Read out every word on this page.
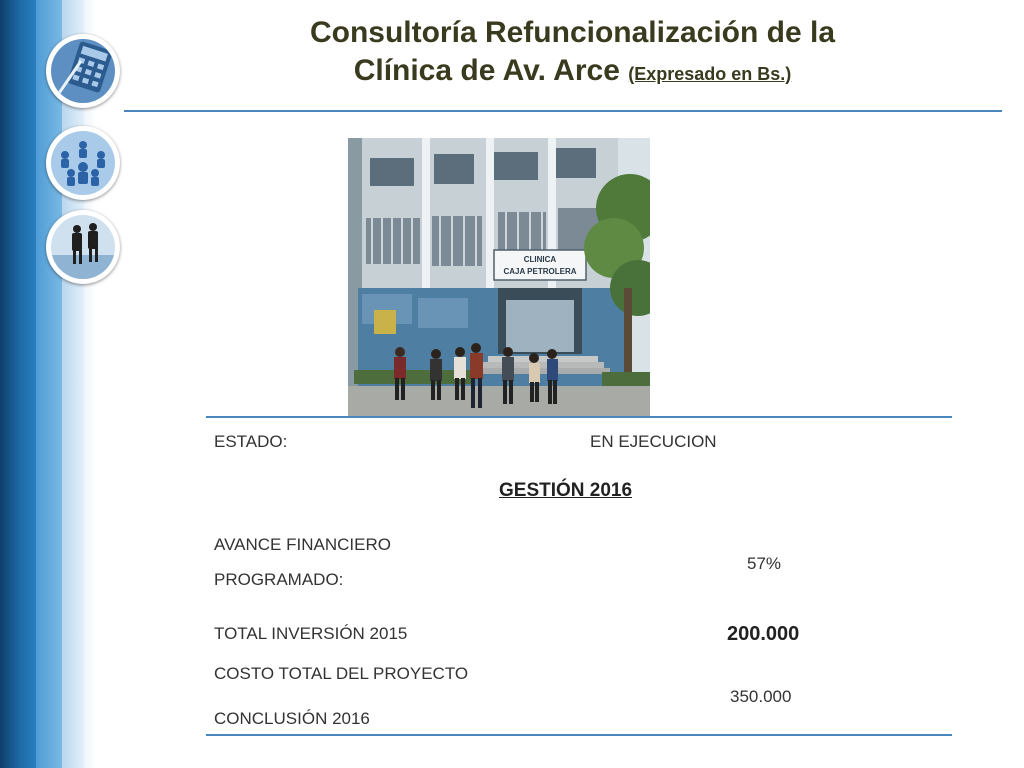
Consultoría Refuncionalización de la
Clínica de Av. Arce (Expresado en Bs.)
CLINICA
CAJA PETROLERA
ESTADO:	EN EJECUCION
GESTIÓN 2016
AVANCE FINANCIERO
PROGRAMADO:
57%
TOTAL INVERSIÓN 2015	200.000
COSTO TOTAL DEL PROYECTO
350.000
CONCLUSIÓN 2016
